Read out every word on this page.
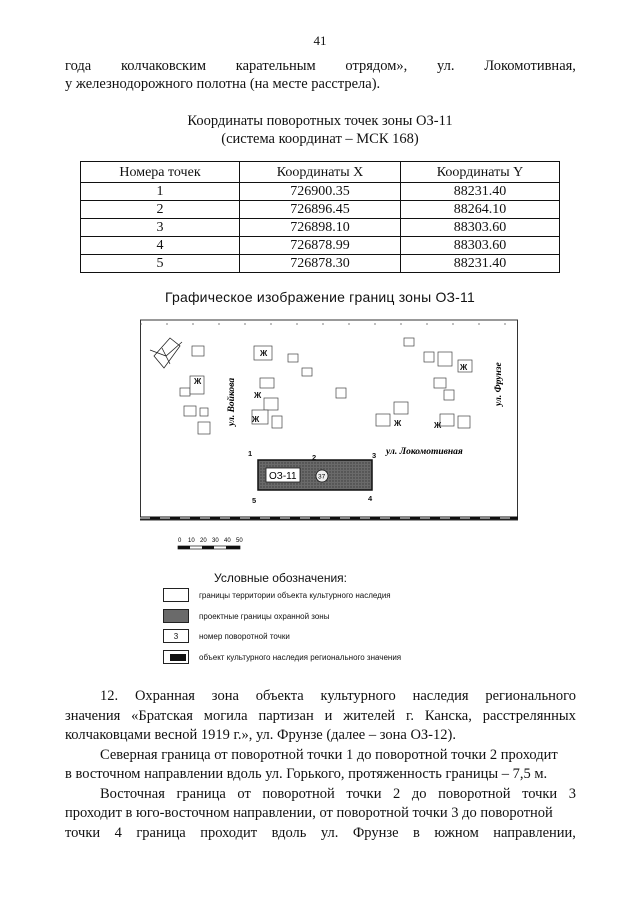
41
года колчаковским карательным отрядом», ул. Локомотивная,
у железнодорожного полотна (на месте расстрела).
Координаты поворотных точек зоны ОЗ-11
(система координат – МСК 168)
Номера точек	Координаты X	Координаты Y
1	726900.35	88231.40
2	726896.45	88264.10
3	726898.10	88303.60
4	726878.99	88303.60
5	726878.30	88231.40
Графическое изображение границ зоны ОЗ-11
Ж
Ж
Ж
Ж
Ж
Ж	Ж
ул. Войкова	ул. Фрунзе
ул. Локомотивная
ОЗ-11	37
1	2	3
4
5
0 10 20 30 40 50
Условные обозначения:
границы территории объекта культурного наследия
проектные границы охранной зоны
3	номер поворотной точки
объект культурного наследия регионального значения
12. Охранная зона объекта культурного наследия регионального
значения «Братская могила партизан и жителей г. Канска, расстрелянных
колчаковцами весной 1919 г.», ул. Фрунзе (далее – зона ОЗ-12).
Северная граница от поворотной точки 1 до поворотной точки 2 проходит
в восточном направлении вдоль ул. Горького, протяженность границы – 7,5 м.
Восточная граница от поворотной точки 2 до поворотной точки 3
проходит в юго-восточном направлении, от поворотной точки 3 до поворотной
точки 4 граница проходит вдоль ул. Фрунзе в южном направлении,
